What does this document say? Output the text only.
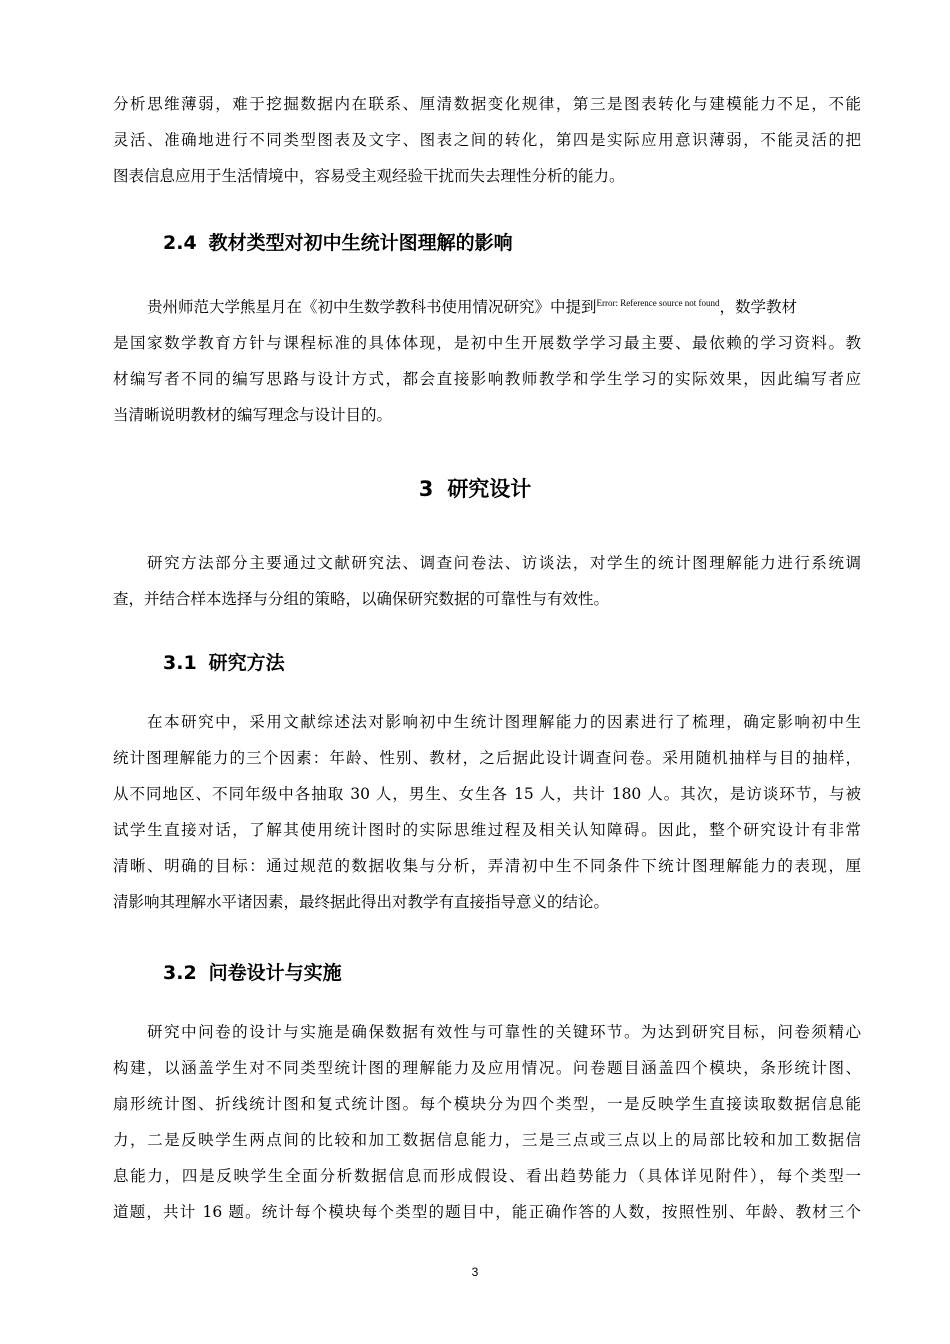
分析思维薄弱，难于挖掘数据内在联系、厘清数据变化规律，第三是图表转化与建模能力不足，不能
灵活、准确地进行不同类型图表及文字、图表之间的转化，第四是实际应用意识薄弱，不能灵活的把
图表信息应用于生活情境中，容易受主观经验干扰而失去理性分析的能力。
2.4 教材类型对初中生统计图理解的影响
贵州师范大学熊星月在《初中生数学教科书使用情况研究》中提到$^{Error: Reference source not found}$，数学教材
是国家数学教育方针与课程标准的具体体现，是初中生开展数学学习最主要、最依赖的学习资料。教
材编写者不同的编写思路与设计方式，都会直接影响教师教学和学生学习的实际效果，因此编写者应
当清晰说明教材的编写理念与设计目的。
3 研究设计
研究方法部分主要通过文献研究法、调查问卷法、访谈法，对学生的统计图理解能力进行系统调
查，并结合样本选择与分组的策略，以确保研究数据的可靠性与有效性。
3.1 研究方法
在本研究中，采用文献综述法对影响初中生统计图理解能力的因素进行了梳理，确定影响初中生
统计图理解能力的三个因素：年龄、性别、教材，之后据此设计调查问卷。采用随机抽样与目的抽样，
从不同地区、不同年级中各抽取 30 人，男生、女生各 15 人，共计 180 人。其次，是访谈环节，与被
试学生直接对话，了解其使用统计图时的实际思维过程及相关认知障碍。因此，整个研究设计有非常
清晰、明确的目标：通过规范的数据收集与分析，弄清初中生不同条件下统计图理解能力的表现，厘
清影响其理解水平诸因素，最终据此得出对教学有直接指导意义的结论。
3.2 问卷设计与实施
研究中问卷的设计与实施是确保数据有效性与可靠性的关键环节。为达到研究目标，问卷须精心
构建，以涵盖学生对不同类型统计图的理解能力及应用情况。问卷题目涵盖四个模块，条形统计图、
扇形统计图、折线统计图和复式统计图。每个模块分为四个类型，一是反映学生直接读取数据信息能
力，二是反映学生两点间的比较和加工数据信息能力，三是三点或三点以上的局部比较和加工数据信
息能力，四是反映学生全面分析数据信息而形成假设、看出趋势能力（具体详见附件），每个类型一
道题，共计 16 题。统计每个模块每个类型的题目中，能正确作答的人数，按照性别、年龄、教材三个
3
